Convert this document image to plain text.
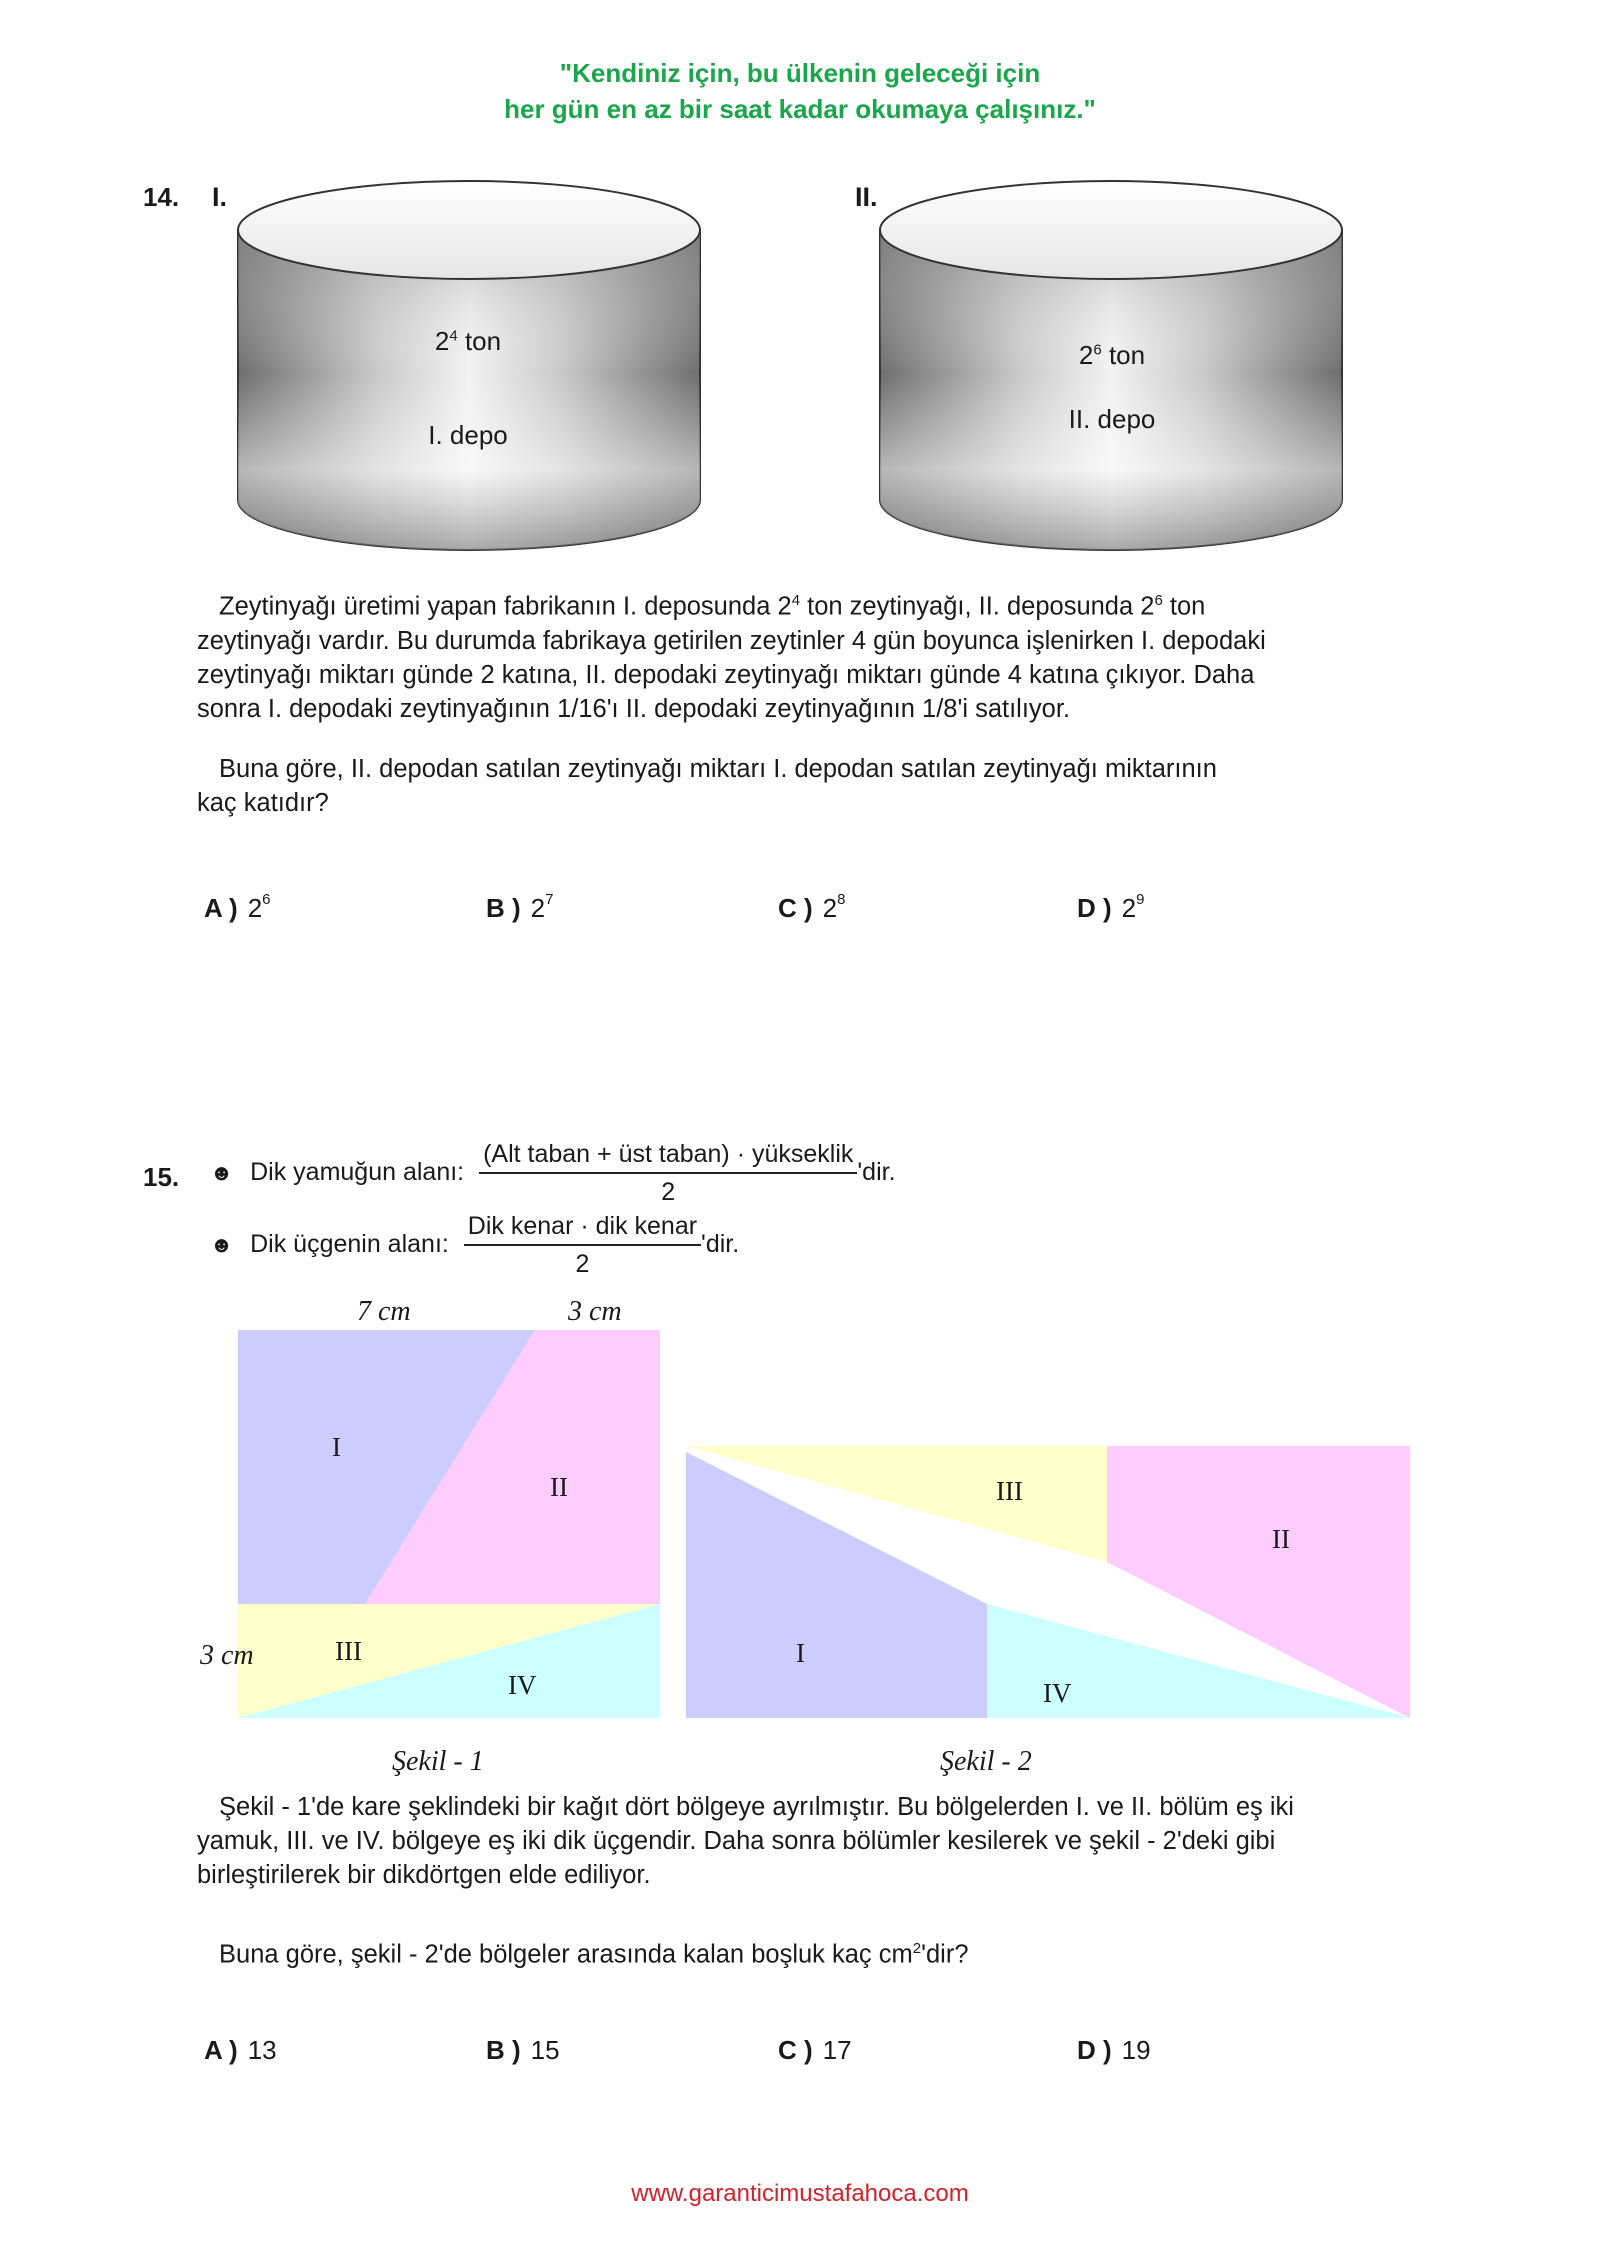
"Kendiniz için, bu ülkenin geleceği için
her gün en az bir saat kadar okumaya çalışınız."
14. I.	II.
$2^4$ ton
I. depo
$2^6$ ton
II. depo

Zeytinyağı üretimi yapan fabrikanın I. deposunda $2^4$ ton zeytinyağı, II. deposunda $2^6$ ton

zeytinyağı vardır. Bu durumda fabrikaya getirilen zeytinler 4 gün boyunca işlenirken I. depodaki

zeytinyağı miktarı günde 2 katına, II. depodaki zeytinyağı miktarı günde 4 katına çıkıyor. Daha

sonra I. depodaki zeytinyağının 1/16'ı II. depodaki zeytinyağının 1/8'i satılıyor.

Buna göre, II. depodan satılan zeytinyağı miktarı I. depodan satılan zeytinyağı miktarının

kaç katıdır?

A ) $2^6$	B ) $2^7$	C ) $2^8$	D ) $2^9$
15. ☻ Dik yamuğun alanı: $\frac{\text{(Alt taban + üst taban) · yükseklik}}{2}$ 'dir.
☻ Dik üçgenin alanı: $\frac{\text{Dik kenar · dik kenar}}{2}$ 'dir.
7 cm	3 cm
3 cm
I
II
III
IV
Şekil - 1
I
II
III
IV
Şekil - 2

Şekil - 1'de kare şeklindeki bir kağıt dört bölgeye ayrılmıştır. Bu bölgelerden I. ve II. bölüm eş iki

yamuk, III. ve IV. bölgeye eş iki dik üçgendir. Daha sonra bölümler kesilerek ve şekil - 2'deki gibi

birleştirilerek bir dikdörtgen elde ediliyor.

Buna göre, şekil - 2'de bölgeler arasında kalan boşluk kaç $cm^2'dir$?

A ) 13	B ) 15	C ) 17	D ) 19
www.garanticimustafahoca.com
